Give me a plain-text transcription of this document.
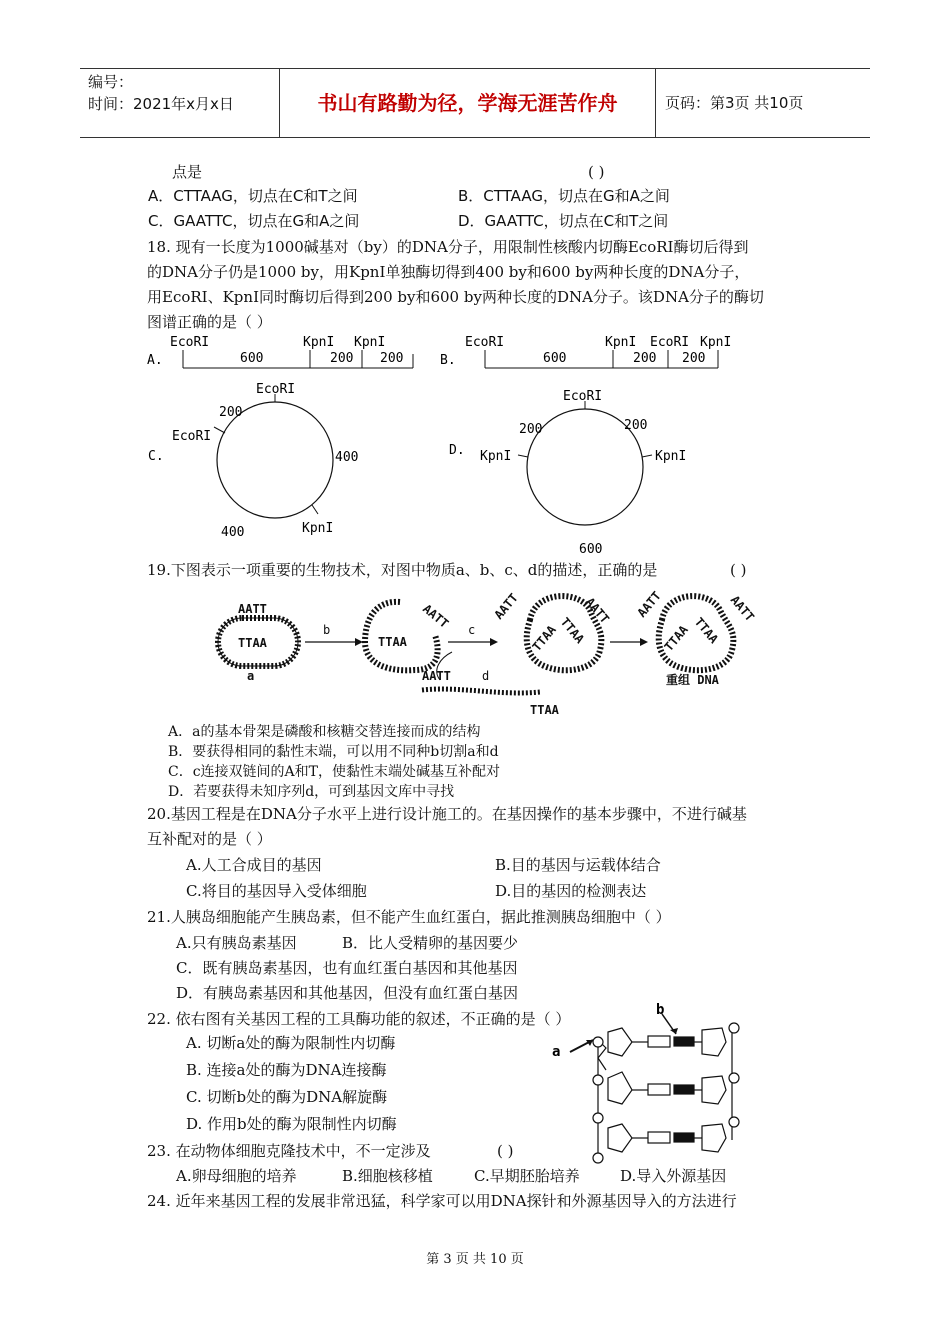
编号：
时间：2021年x月x日	书山有路勤为径，学海无涯苦作舟	页码：第3页 共10页
点是	( )
A．CTTAAG，切点在C和T之间	B．CTTAAG，切点在G和A之间
C．GAATTC，切点在G和A之间	D．GAATTC，切点在C和T之间
18. 现有一长度为1000碱基对（by）的DNA分子，用限制性核酸内切酶EcoRI酶切后得到
的DNA分子仍是1000 by，用KpnI单独酶切得到400 by和600 by两种长度的DNA分子，
用EcoRI、KpnI同时酶切后得到200 by和600 by两种长度的DNA分子。该DNA分子的酶切
图谱正确的是（ ）
A.
EcoRI	KpnI KpnI
600	200 200	B.
EcoRI	KpnI EcoRI KpnI
600	200 200
C.
EcoRI
EcoRI
KpnI
200
400
400
D.
EcoRI
KpnI	KpnI
200	200
600
19.下图表示一项重要的生物技术，对图中物质a、b、c、d的描述，正确的是	( )
AATT
TTAA
a
b
TTAA
AATT c
AATT	d
TTAA
AATT	AATT
TTAA
TTAA
AATT	AATT
TTAA TTAA
重组 DNA
A．a的基本骨架是磷酸和核糖交替连接而成的结构
B．要获得相同的黏性末端，可以用不同种b切割a和d
C．c连接双链间的A和T，使黏性末端处碱基互补配对
D．若要获得未知序列d，可到基因文库中寻找
20.基因工程是在DNA分子水平上进行设计施工的。在基因操作的基本步骤中，不进行碱基
互补配对的是（ ）
A.人工合成目的基因	B.目的基因与运载体结合
C.将目的基因导入受体细胞	D.目的基因的检测表达
21.人胰岛细胞能产生胰岛素，但不能产生血红蛋白，据此推测胰岛细胞中（ ）
A.只有胰岛素基因	B．比人受精卵的基因要少
C．既有胰岛素基因，也有血红蛋白基因和其他基因
D．有胰岛素基因和其他基因，但没有血红蛋白基因
22. 依右图有关基因工程的工具酶功能的叙述，不正确的是（ ）
A. 切断a处的酶为限制性内切酶
B. 连接a处的酶为DNA连接酶
C. 切断b处的酶为DNA解旋酶
D. 作用b处的酶为限制性内切酶
a
b
23. 在动物体细胞克隆技术中，不一定涉及	( )
A.卵母细胞的培养	B.细胞核移植	C.早期胚胎培养	D.导入外源基因
24. 近年来基因工程的发展非常迅猛，科学家可以用DNA探针和外源基因导入的方法进行
第 3 页 共 10 页
